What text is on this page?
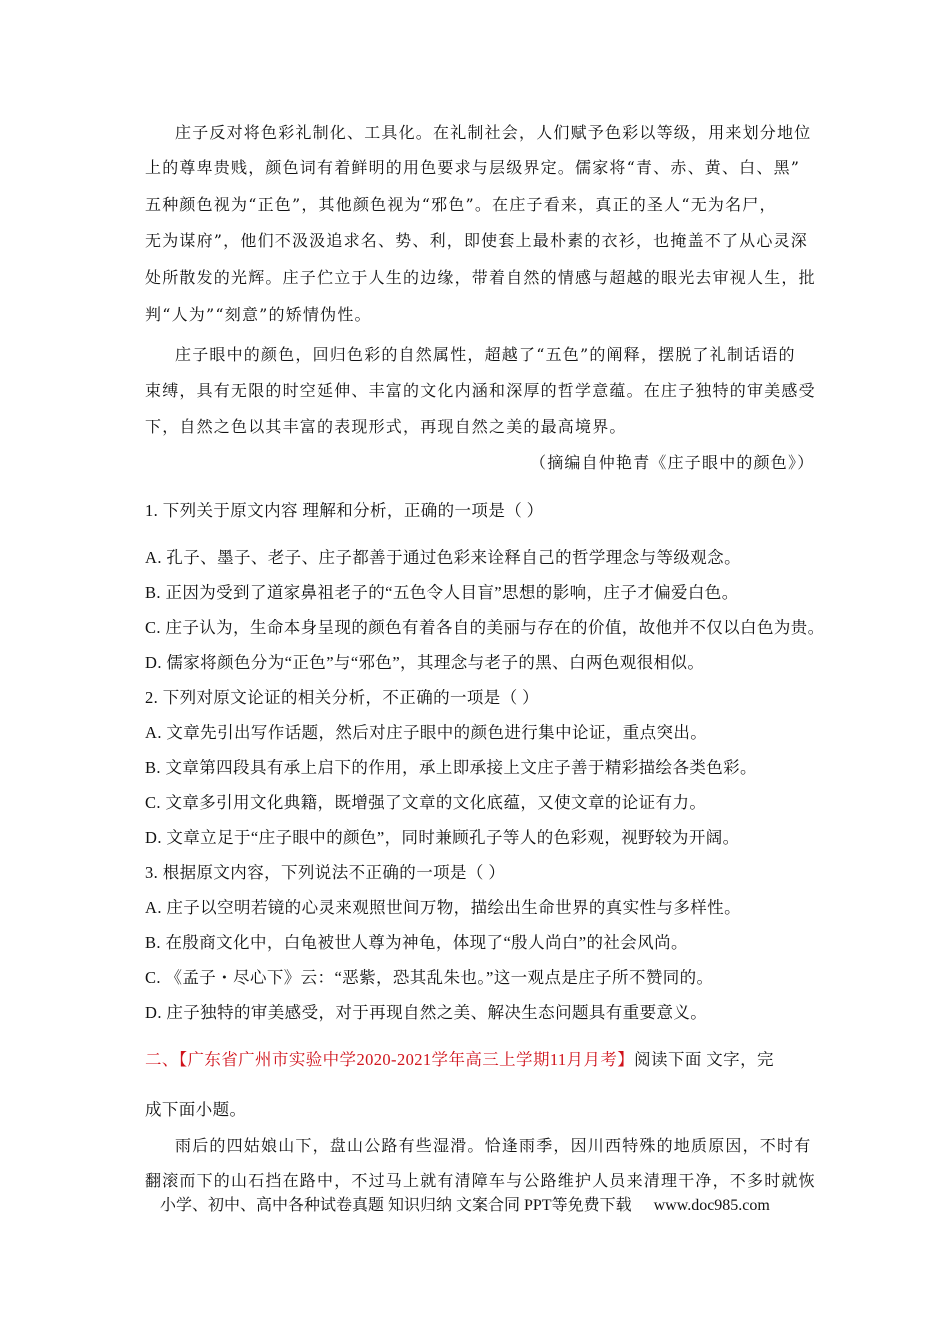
庄子反对将色彩礼制化、工具化。在礼制社会，人们赋予色彩以等级，用来划分地位
上的尊卑贵贱，颜色词有着鲜明的用色要求与层级界定。儒家将“青、赤、黄、白、黑”
五种颜色视为“正色”，其他颜色视为“邪色”。在庄子看来，真正的圣人“无为名尸，
无为谋府”，他们不汲汲追求名、势、利，即使套上最朴素的衣衫，也掩盖不了从心灵深
处所散发的光辉。庄子伫立于人生的边缘，带着自然的情感与超越的眼光去审视人生，批
判“人为”“刻意”的矫情伪性。
庄子眼中的颜色，回归色彩的自然属性，超越了“五色”的阐释，摆脱了礼制话语的
束缚，具有无限的时空延伸、丰富的文化内涵和深厚的哲学意蕴。在庄子独特的审美感受
下，自然之色以其丰富的表现形式，再现自然之美的最高境界。
（摘编自仲艳青《庄子眼中的颜色》）
1. 下列关于原文内容 理解和分析，正确的一项是（ ）
A. 孔子、墨子、老子、庄子都善于通过色彩来诠释自己的哲学理念与等级观念。
B. 正因为受到了道家鼻祖老子的“五色令人目盲”思想的影响，庄子才偏爱白色。
C. 庄子认为，生命本身呈现的颜色有着各自的美丽与存在的价值，故他并不仅以白色为贵。
D. 儒家将颜色分为“正色”与“邪色”，其理念与老子的黑、白两色观很相似。
2. 下列对原文论证的相关分析，不正确的一项是（ ）
A. 文章先引出写作话题，然后对庄子眼中的颜色进行集中论证，重点突出。
B. 文章第四段具有承上启下的作用，承上即承接上文庄子善于精彩描绘各类色彩。
C. 文章多引用文化典籍，既增强了文章的文化底蕴，又使文章的论证有力。
D. 文章立足于“庄子眼中的颜色”，同时兼顾孔子等人的色彩观，视野较为开阔。
3. 根据原文内容，下列说法不正确的一项是（ ）
A. 庄子以空明若镜的心灵来观照世间万物，描绘出生命世界的真实性与多样性。
B. 在殷商文化中，白龟被世人尊为神龟，体现了“殷人尚白”的社会风尚。
C. 《孟子・尽心下》云：“恶紫，恐其乱朱也。”这一观点是庄子所不赞同的。
D. 庄子独特的审美感受，对于再现自然之美、解决生态问题具有重要意义。
二、【广东省广州市实验中学2020-2021学年高三上学期11月月考】阅读下面 文字，完
成下面小题。
雨后的四姑娘山下，盘山公路有些湿滑。恰逢雨季，因川西特殊的地质原因，不时有
翻滚而下的山石挡在路中，不过马上就有清障车与公路维护人员来清理干净，不多时就恢
小学、初中、高中各种试卷真题 知识归纳 文案合同 PPT等免费下载 www.doc985.com
